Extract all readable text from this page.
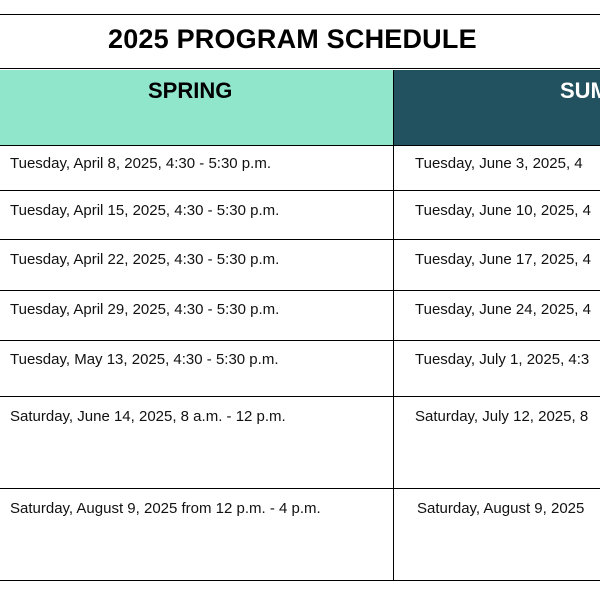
2025 PROGRAM SCHEDULE
SPRING	SUM
Tuesday, April 8, 2025, 4:30 - 5:30 p.m.	Tuesday, June 3, 2025, 4
Tuesday, April 15, 2025, 4:30 - 5:30 p.m.	Tuesday, June 10, 2025, 4
Tuesday, April 22, 2025, 4:30 - 5:30 p.m.	Tuesday, June 17, 2025, 4
Tuesday, April 29, 2025, 4:30 - 5:30 p.m.	Tuesday, June 24, 2025, 4
Tuesday, May 13, 2025, 4:30 - 5:30 p.m.	Tuesday, July 1, 2025, 4:3
Saturday, June 14, 2025, 8 a.m. - 12 p.m.	Saturday, July 12, 2025, 8
Saturday, August 9, 2025 from 12 p.m. - 4 p.m.	Saturday, August 9, 2025
